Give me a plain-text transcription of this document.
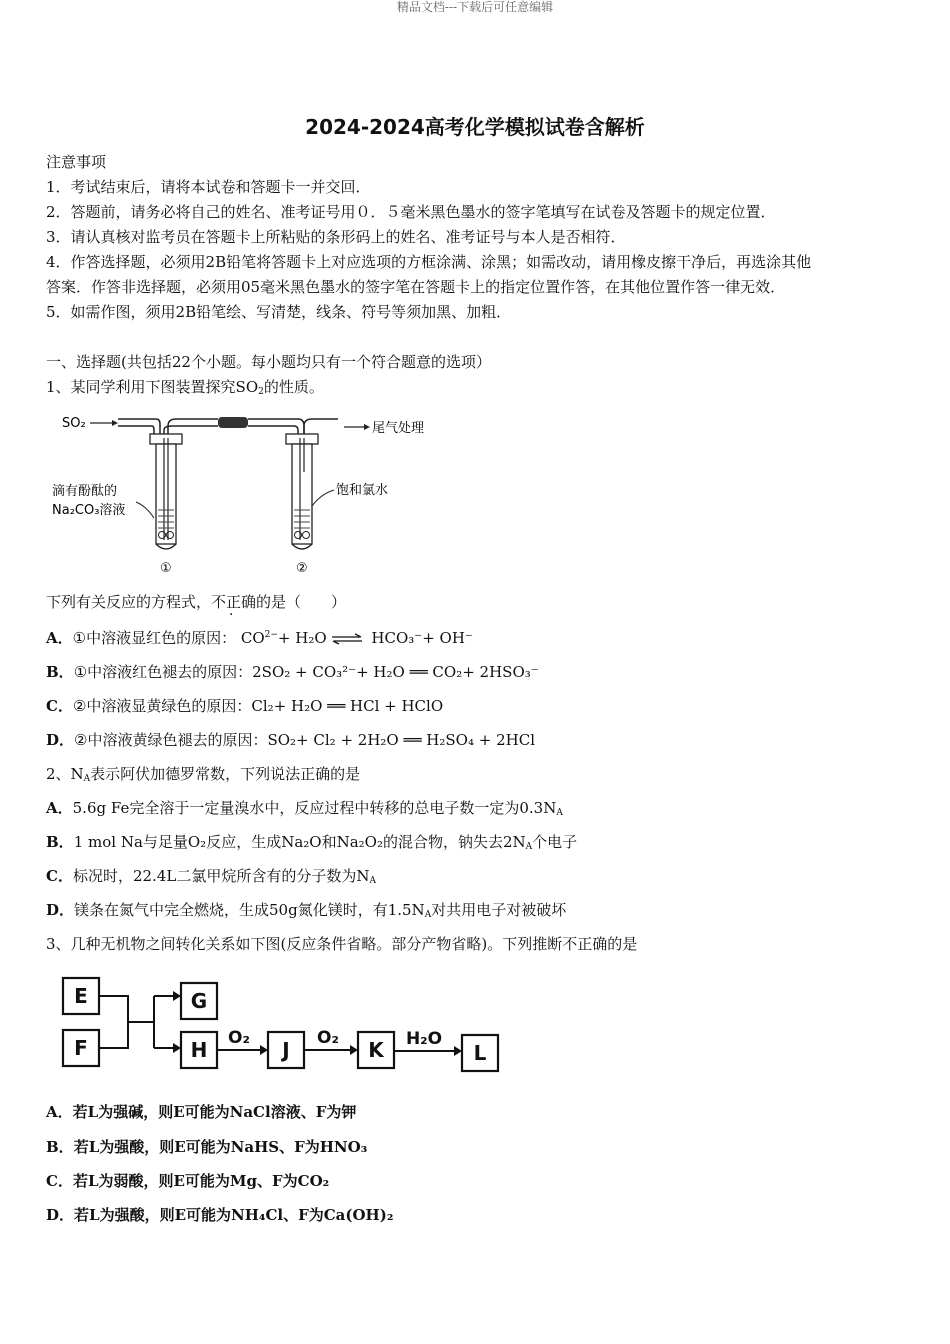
精品文档---下载后可任意编辑
2024-2024高考化学模拟试卷含解析
注意事项
1．考试结束后，请将本试卷和答题卡一并交回．
2．答题前，请务必将自己的姓名、准考证号用０．５毫米黑色墨水的签字笔填写在试卷及答题卡的规定位置．
3．请认真核对监考员在答题卡上所粘贴的条形码上的姓名、准考证号与本人是否相符．
4．作答选择题，必须用2B铅笔将答题卡上对应选项的方框涂满、涂黑；如需改动，请用橡皮擦干净后，再选涂其他
答案．作答非选择题，必须用05毫米黑色墨水的签字笔在答题卡上的指定位置作答，在其他位置作答一律无效．
5．如需作图，须用2B铅笔绘、写清楚，线条、符号等须加黑、加粗．
一、选择题(共包括22个小题。每小题均只有一个符合题意的选项）
1、某同学利用下图装置探究$SO_2$的性质。
SO₂	尾气处理
滴有酚酞的
Na₂CO₃溶液
饱和氯水
①	②
下列有关反应的方程式，不正确的是（　　）
A．①中溶液显红色的原因： $CO^{2-}+ H_2O$ ⇌ HCO₃⁻+ OH⁻
B．①中溶液红色褪去的原因：2SO₂ + CO₃²⁻+ H₂O ══ CO₂+ 2HSO₃⁻
C．②中溶液显黄绿色的原因：Cl₂+ H₂O ══ HCl + HClO
D．②中溶液黄绿色褪去的原因：SO₂+ Cl₂ + 2H₂O ══ H₂SO₄ + 2HCl
2、$N_A$表示阿伏加德罗常数，下列说法正确的是
A．5.6g Fe完全溶于一定量溴水中，反应过程中转移的总电子数一定为$0.3N_A$
B．1 mol Na与足量O₂反应，生成Na₂O和Na₂O₂的混合物，钠失去$2N_A$个电子
C．标况时，22.4L二氯甲烷所含有的分子数为$N_A$
D．镁条在氮气中完全燃烧，生成50g氮化镁时，有$1.5N_A$对共用电子对被破坏
3、几种无机物之间转化关系如下图(反应条件省略。部分产物省略)。下列推断不正确的是
E
F
G
H	J	K	L
O₂	O₂	H₂O
A．若L为强碱，则E可能为NaCl溶液、F为钾
B．若L为强酸，则E可能为NaHS、F为HNO₃
C．若L为弱酸，则E可能为Mg、F为CO₂
D．若L为强酸，则E可能为NH₄Cl、F为Ca(OH)₂
